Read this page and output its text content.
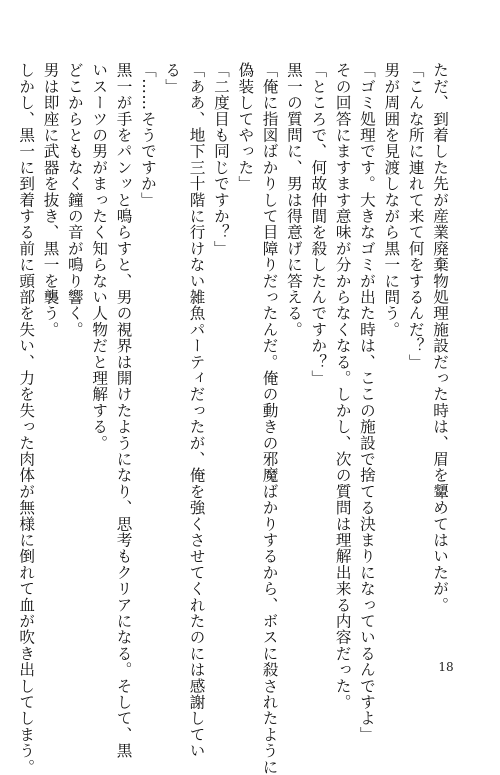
ただ、到着した先が産業廃棄物処理施設だった時は、眉を顰めてはいたが。
「こんな所に連れて来て何をするんだ？」
男が周囲を見渡しながら黒一に問う。
「ゴミ処理です。大きなゴミが出た時は、ここの施設で捨てる決まりになっているんですよ」
その回答にますます意味が分からなくなる。しかし、次の質問は理解出来る内容だった。
「ところで、何故仲間を殺したんですか？」
黒一の質問に、男は得意げに答える。
「俺に指図ばかりして目障りだったんだ。俺の動きの邪魔ばかりするから、ボスに殺されたように
偽装してやった」
「二度目も同じですか？」
「ああ、地下三十階に行けない雑魚パーティだったが、俺を強くさせてくれたのには感謝してい
る」
「……そうですか」
黒一が手をパンッと鳴らすと、男の視界は開けたようになり、思考もクリアになる。そして、黒
いスーツの男がまったく知らない人物だと理解する。
どこからともなく鐘の音が鳴り響く。
男は即座に武器を抜き、黒一を襲う。
しかし、黒一に到着する前に頭部を失い、力を失った肉体が無様に倒れて血が吹き出してしまう。	18
